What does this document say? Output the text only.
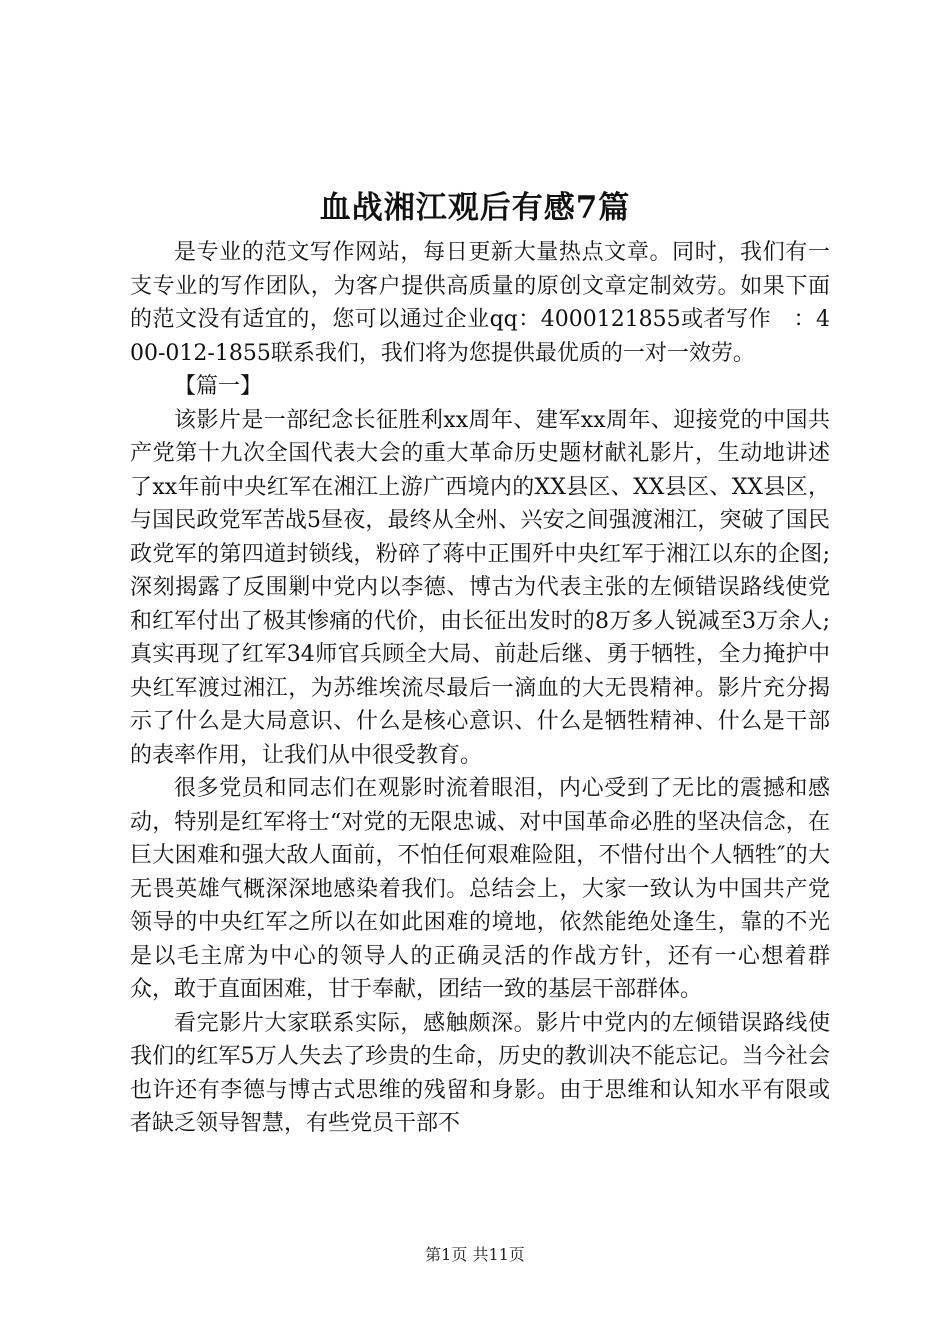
血战湘江观后有感7篇

是专业的范文写作网站，每日更新大量热点文章。同时，我们有一支专业的写作团队，为客户提供高质量的原创文章定制效劳。如果下面的范文没有适宜的，您可以通过企业qq：4000121855或者写作　：400-012-1855联系我们，我们将为您提供最优质的一对一效劳。

【篇一】

该影片是一部纪念长征胜利xx周年、建军xx周年、迎接党的中国共产党第十九次全国代表大会的重大革命历史题材献礼影片，生动地讲述了xx年前中央红军在湘江上游广西境内的XX县区、XX县区、XX县区，与国民政党军苦战5昼夜，最终从全州、兴安之间强渡湘江，突破了国民政党军的第四道封锁线，粉碎了蒋中正围歼中央红军于湘江以东的企图;深刻揭露了反围剿中党内以李德、博古为代表主张的左倾错误路线使党和红军付出了极其惨痛的代价，由长征出发时的8万多人锐减至3万余人;真实再现了红军34师官兵顾全大局、前赴后继、勇于牺牲，全力掩护中央红军渡过湘江，为苏维埃流尽最后一滴血的大无畏精神。影片充分揭示了什么是大局意识、什么是核心意识、什么是牺牲精神、什么是干部的表率作用，让我们从中很受教育。

很多党员和同志们在观影时流着眼泪，内心受到了无比的震撼和感动，特别是红军将士“对党的无限忠诚、对中国革命必胜的坚决信念，在巨大困难和强大敌人面前，不怕任何艰难险阻，不惜付出个人牺牲″的大无畏英雄气概深深地感染着我们。总结会上，大家一致认为中国共产党领导的中央红军之所以在如此困难的境地，依然能绝处逢生，靠的不光是以毛主席为中心的领导人的正确灵活的作战方针，还有一心想着群众，敢于直面困难，甘于奉献，团结一致的基层干部群体。

看完影片大家联系实际，感触颇深。影片中党内的左倾错误路线使我们的红军5万人失去了珍贵的生命，历史的教训决不能忘记。当今社会也许还有李德与博古式思维的残留和身影。由于思维和认知水平有限或者缺乏领导智慧，有些党员干部不

第1页 共11页
